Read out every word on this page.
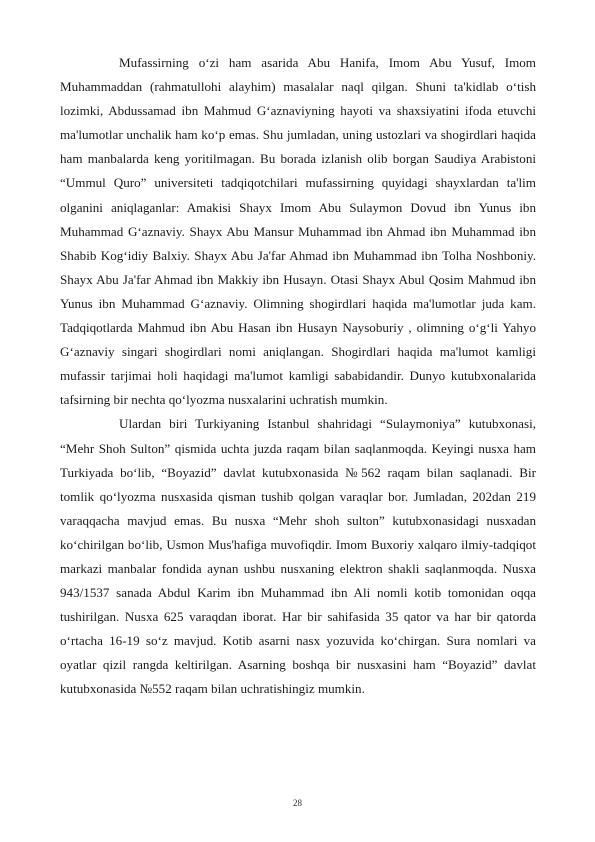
Mufassirning o‘zi ham asarida Abu Hanifa, Imom Abu Yusuf, Imom Muhammaddan (rahmatullohi alayhim) masalalar naql qilgan. Shuni ta'kidlab o‘tish lozimki, Abdussamad ibn Mahmud G‘aznaviyning hayoti va shaxsiyatini ifoda etuvchi ma'lumotlar unchalik ham ko‘p emas. Shu jumladan, uning ustozlari va shogirdlari haqida ham manbalarda keng yoritilmagan. Bu borada izlanish olib borgan Saudiya Arabistoni “Ummul Quro” universiteti tadqiqotchilari mufassirning quyidagi shayxlardan ta'lim olganini aniqlaganlar: Amakisi Shayx Imom Abu Sulaymon Dovud ibn Yunus ibn Muhammad G‘aznaviy. Shayx Abu Mansur Muhammad ibn Ahmad ibn Muhammad ibn Shabib Kog‘idiy Balxiy. Shayx Abu Ja'far Ahmad ibn Muhammad ibn Tolha Noshboniy. Shayx Abu Ja'far Ahmad ibn Makkiy ibn Husayn. Otasi Shayx Abul Qosim Mahmud ibn Yunus ibn Muhammad G‘aznaviy. Olimning shogirdlari haqida ma'lumotlar juda kam. Tadqiqotlarda Mahmud ibn Abu Hasan ibn Husayn Naysoburiy , olimning o‘g‘li Yahyo G‘aznaviy singari shogirdlari nomi aniqlangan. Shogirdlari haqida ma'lumot kamligi mufassir tarjimai holi haqidagi ma'lumot kamligi sababidandir. Dunyo kutubxonalarida tafsirning bir nechta qo‘lyozma nusxalarini uchratish mumkin.

Ulardan biri Turkiyaning Istanbul shahridagi “Sulaymoniya” kutubxonasi, “Mehr Shoh Sulton” qismida uchta juzda raqam bilan saqlanmoqda. Keyingi nusxa ham Turkiyada bo‘lib, “Boyazid” davlat kutubxonasida №562 raqam bilan saqlanadi. Bir tomlik qo‘lyozma nusxasida qisman tushib qolgan varaqlar bor. Jumladan, 202dan 219 varaqqacha mavjud emas. Bu nusxa “Mehr shoh sulton” kutubxonasidagi nusxadan ko‘chirilgan bo‘lib, Usmon Mus'hafiga muvofiqdir. Imom Buxoriy xalqaro ilmiy-tadqiqot markazi manbalar fondida aynan ushbu nusxaning elektron shakli saqlanmoqda. Nusxa 943/1537 sanada Abdul Karim ibn Muhammad ibn Ali nomli kotib tomonidan oqqa tushirilgan. Nusxa 625 varaqdan iborat. Har bir sahifasida 35 qator va har bir qatorda o‘rtacha 16-19 so‘z mavjud. Kotib asarni nasx yozuvida ko‘chirgan. Sura nomlari va oyatlar qizil rangda keltirilgan. Asarning boshqa bir nusxasini ham “Boyazid” davlat kutubxonasida №552 raqam bilan uchratishingiz mumkin.

28
